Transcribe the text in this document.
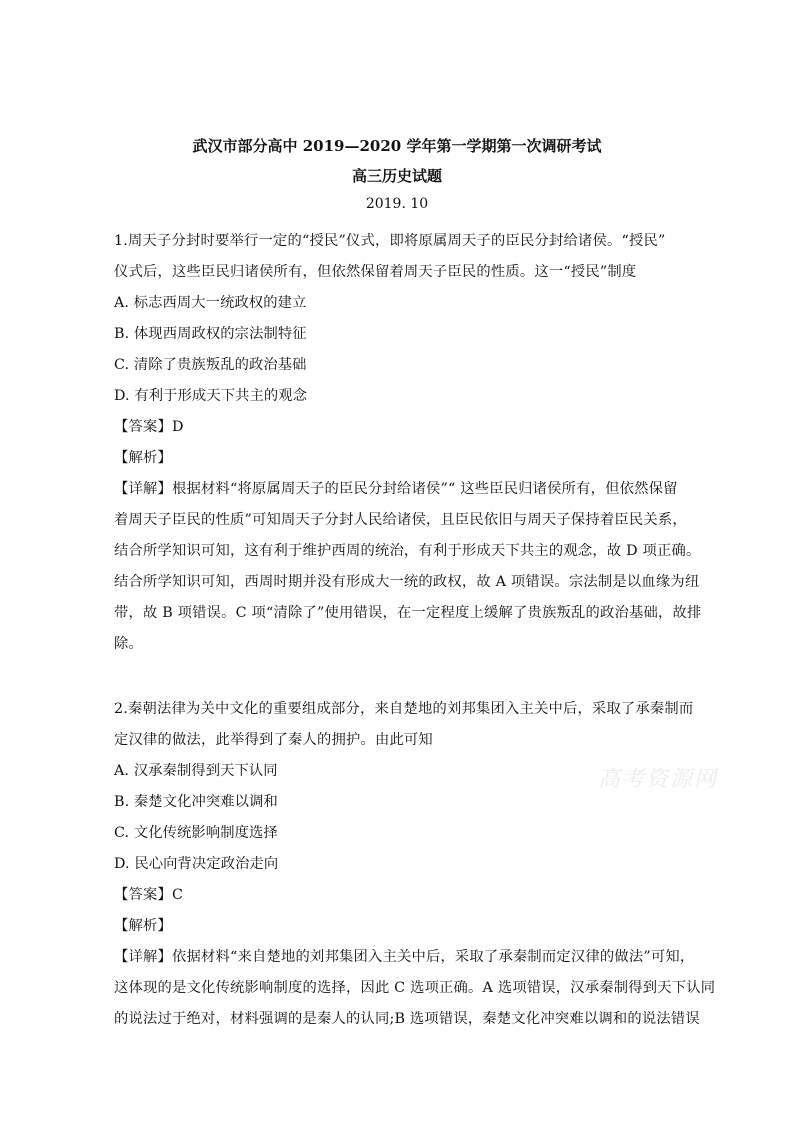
武汉市部分高中 2019—2020 学年第一学期第一次调研考试
高三历史试题
2019. 10
1.周天子分封时要举行一定的“授民”仪式，即将原属周天子的臣民分封给诸侯。“授民”
仪式后，这些臣民归诸侯所有，但依然保留着周天子臣民的性质。这一“授民”制度
A. 标志西周大一统政权的建立
B. 体现西周政权的宗法制特征
C. 清除了贵族叛乱的政治基础
D. 有利于形成天下共主的观念
【答案】D
【解析】
【详解】根据材料“将原属周天子的臣民分封给诸侯”“ 这些臣民归诸侯所有，但依然保留
着周天子臣民的性质”可知周天子分封人民给诸侯，且臣民依旧与周天子保持着臣民关系，
结合所学知识可知，这有利于维护西周的统治，有利于形成天下共主的观念，故 D 项正确。
结合所学知识可知，西周时期并没有形成大一统的政权，故 A 项错误。宗法制是以血缘为纽
带，故 B 项错误。C 项“清除了”使用错误，在一定程度上缓解了贵族叛乱的政治基础，故排
除。
2.秦朝法律为关中文化的重要组成部分，来自楚地的刘邦集团入主关中后，采取了承秦制而
定汉律的做法，此举得到了秦人的拥护。由此可知
A. 汉承秦制得到天下认同
B. 秦楚文化冲突难以调和
C. 文化传统影响制度选择
D. 民心向背决定政治走向
【答案】C
【解析】
【详解】依据材料“来自楚地的刘邦集团入主关中后，采取了承秦制而定汉律的做法”可知，
这体现的是文化传统影响制度的选择，因此 C 选项正确。A 选项错误，汉承秦制得到天下认同
的说法过于绝对，材料强调的是秦人的认同;B 选项错误，秦楚文化冲突难以调和的说法错误
高考资源网
